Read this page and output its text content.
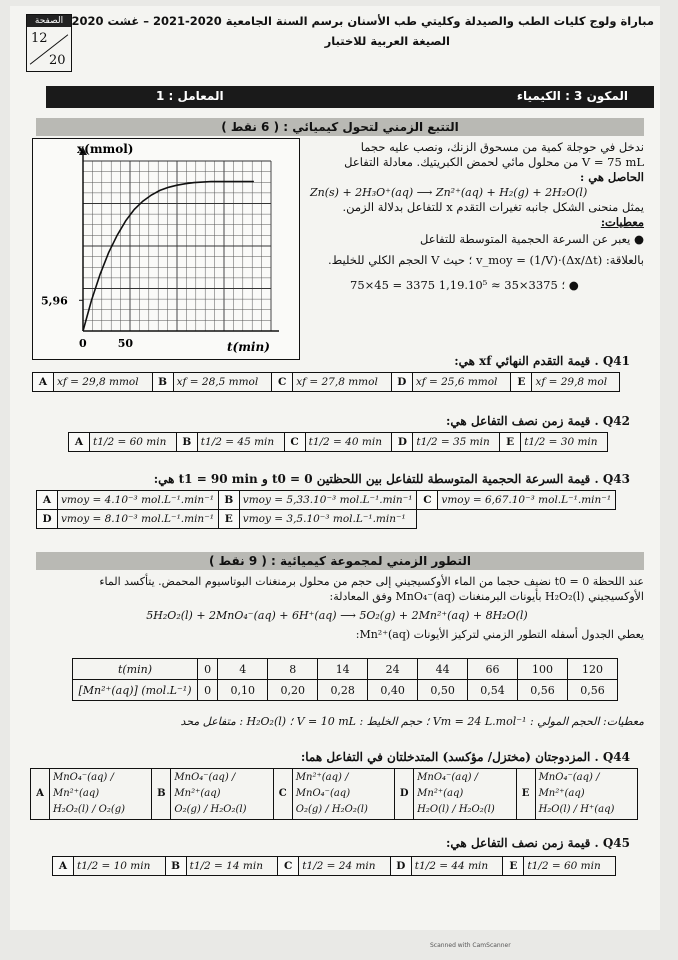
الصفحة
12
20
مباراة ولوج كليات الطب والصيدلة وكليتي طب الأسنان برسم السنة الجامعية 2020-2021 – غشت 2020
الصيغة العربية للاختبار
المكون 3 : الكيمياء
المعامل : 1
التتبع الزمني لتحول كيميائي : ( 6 نقط )
x(mmol)
t(min)
5,96
0	50
ندخل في حوجلة كمية من مسحوق الزنك، ونصب عليه حجما
V = 75 mL من محلول مائي لحمض الكبريتيك. معادلة التفاعل
الحاصل هي :
Zn(s) + 2H₃O⁺(aq) ⟶ Zn²⁺(aq) + H₂(g) + 2H₂O(l)
يمثل منحنى الشكل جانبه تغيرات التقدم x للتفاعل بدلالة الزمن.
معطيات:
● يعبر عن السرعة الحجمية المتوسطة للتفاعل
بالعلاقة: v_moy = (1/V)·(Δx/Δt) ؛ حيث V الحجم الكلي للخليط.
75×45 = 3375 ؛ 3375×35 ≈ 1,19.10⁵ ●
Q41 . قيمة التقدم النهائي xf هي:
A	xf = 29,8 mmol	B	xf = 28,5 mmol	C	xf = 27,8 mmol	D	xf = 25,6 mmol	E	xf = 29,8 mol
Q42 . قيمة زمن نصف التفاعل هي:
A	t1/2 = 60 min	B	t1/2 = 45 min	C	t1/2 = 40 min	D	t1/2 = 35 min	E	t1/2 = 30 min
Q43 . قيمة السرعة الحجمية المتوسطة للتفاعل بين اللحظتين t0 = 0 و t1 = 90 min هي:
A	vmoy = 4.10⁻³ mol.L⁻¹.min⁻¹	B	vmoy = 5,33.10⁻³ mol.L⁻¹.min⁻¹	C	vmoy = 6,67.10⁻³ mol.L⁻¹.min⁻¹
D	vmoy = 8.10⁻³ mol.L⁻¹.min⁻¹	E	vmoy = 3,5.10⁻³ mol.L⁻¹.min⁻¹		
التطور الزمني لمجموعة كيميائية : ( 9 نقط )
عند اللحظة t0 = 0 نضيف حجما من الماء الأوكسيجيني إلى حجم من محلول برمنغنات البوتاسيوم المحمض. يتأكسد الماء
الأوكسيجيني H₂O₂(l) بأيونات البرمنغنات MnO₄⁻(aq) وفق المعادلة:
5H₂O₂(l) + 2MnO₄⁻(aq) + 6H⁺(aq) ⟶ 5O₂(g) + 2Mn²⁺(aq) + 8H₂O(l)
يعطي الجدول أسفله التطور الزمني لتركيز الأيونات Mn²⁺(aq):
t(min)	0	4	8	14	24	44	66	100	120
[Mn²⁺(aq)] (mol.L⁻¹)	0	0,10	0,20	0,28	0,40	0,50	0,54	0,56	0,56
معطيات: الحجم المولي : Vm = 24 L.mol⁻¹ ؛ حجم الخليط : V = 10 mL ؛ H₂O₂(l) : متفاعل محد
Q44 . المزدوجتان (مختزل/ مؤكسد) المتدخلتان في التفاعل هما:
A	
MnO₄⁻(aq) / Mn²⁺(aq)
H₂O₂(l) / O₂(g)
	B	
MnO₄⁻(aq) / Mn²⁺(aq)
O₂(g) / H₂O₂(l)
	C	
Mn²⁺(aq) / MnO₄⁻(aq)
O₂(g) / H₂O₂(l)
	D	
MnO₄⁻(aq) / Mn²⁺(aq)
H₂O(l) / H₂O₂(l)
	E	
MnO₄⁻(aq) / Mn²⁺(aq)
H₂O(l) / H⁺(aq)
Q45 . قيمة زمن نصف التفاعل هي:
A	t1/2 = 10 min	B	t1/2 = 14 min	C	t1/2 = 24 min	D	t1/2 = 44 min	E	t1/2 = 60 min
Scanned with CamScanner
